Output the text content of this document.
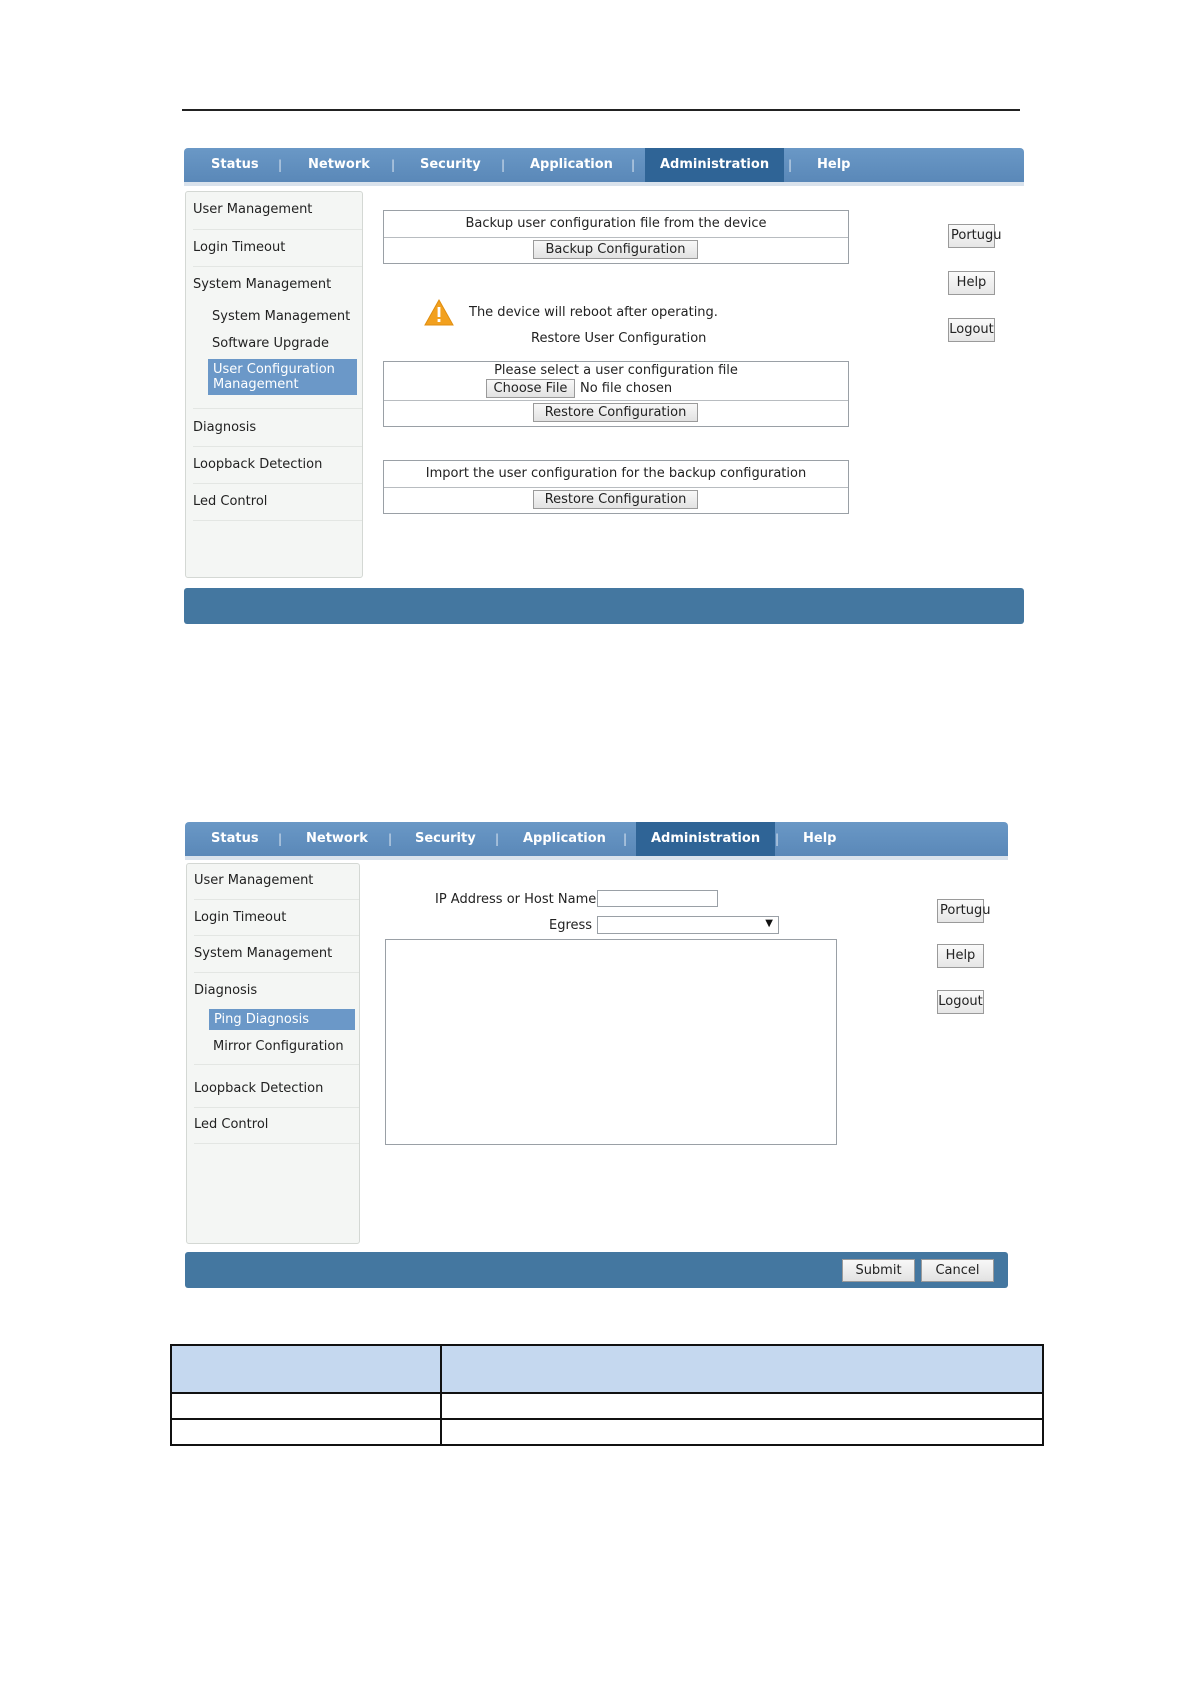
Status | Network | Security | Application |	Administration	| Help
User Management
Login Timeout
System Management
System Management
Software Upgrade
User Configuration
Management
Diagnosis
Loopback Detection
Led Control
Backup user configuration file from the device
Backup Configuration
The device will reboot after operating.
Restore User Configuration
Please select a user configuration file
Choose File No file chosen
Restore Configuration
Import the user configuration for the backup configuration
Restore Configuration
Portugu
Help
Logout
Status | Network | Security | Application |	Administration	| Help
User Management
Login Timeout
System Management
Diagnosis
Ping Diagnosis
Mirror Configuration
Loopback Detection
Led Control
IP Address or Host Name
Egress	▼
Portugu
Help
Logout
Submit	Cancel
